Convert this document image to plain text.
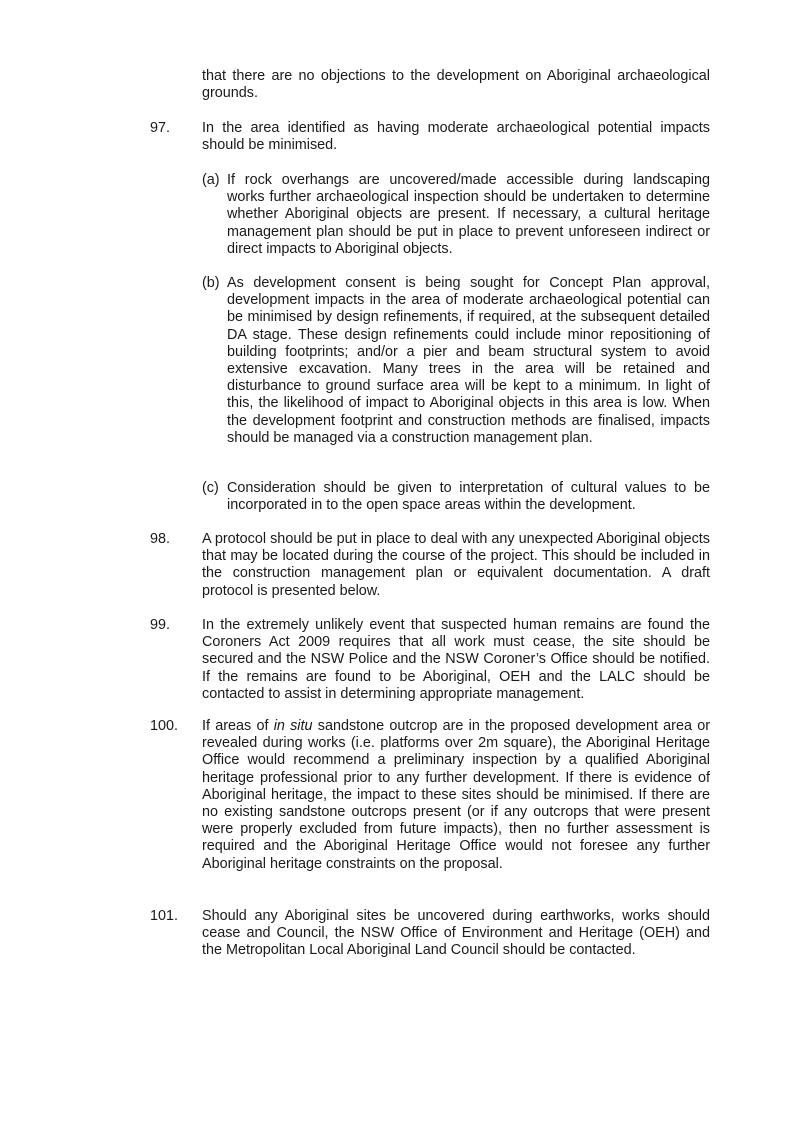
that there are no objections to the development on Aboriginal archaeological grounds.
97.	In the area identified as having moderate archaeological potential impacts should be minimised.
(a) If rock overhangs are uncovered/made accessible during landscaping works further archaeological inspection should be undertaken to determine whether Aboriginal objects are present. If necessary, a cultural heritage management plan should be put in place to prevent unforeseen indirect or direct impacts to Aboriginal objects.
(b) As development consent is being sought for Concept Plan approval, development impacts in the area of moderate archaeological potential can be minimised by design refinements, if required, at the subsequent detailed DA stage. These design refinements could include minor repositioning of building footprints; and/or a pier and beam structural system to avoid extensive excavation. Many trees in the area will be retained and disturbance to ground surface area will be kept to a minimum. In light of this, the likelihood of impact to Aboriginal objects in this area is low. When the development footprint and construction methods are finalised, impacts should be managed via a construction management plan.
(c) Consideration should be given to interpretation of cultural values to be incorporated in to the open space areas within the development.
98.	A protocol should be put in place to deal with any unexpected Aboriginal objects that may be located during the course of the project. This should be included in the construction management plan or equivalent documentation. A draft protocol is presented below.
99.	In the extremely unlikely event that suspected human remains are found the Coroners Act 2009 requires that all work must cease, the site should be secured and the NSW Police and the NSW Coroner’s Office should be notified. If the remains are found to be Aboriginal, OEH and the LALC should be contacted to assist in determining appropriate management.
100.	If areas of in situ sandstone outcrop are in the proposed development area or revealed during works (i.e. platforms over 2m square), the Aboriginal Heritage Office would recommend a preliminary inspection by a qualified Aboriginal heritage professional prior to any further development. If there is evidence of Aboriginal heritage, the impact to these sites should be minimised. If there are no existing sandstone outcrops present (or if any outcrops that were present were properly excluded from future impacts), then no further assessment is required and the Aboriginal Heritage Office would not foresee any further Aboriginal heritage constraints on the proposal.
101.	Should any Aboriginal sites be uncovered during earthworks, works should cease and Council, the NSW Office of Environment and Heritage (OEH) and the Metropolitan Local Aboriginal Land Council should be contacted.
